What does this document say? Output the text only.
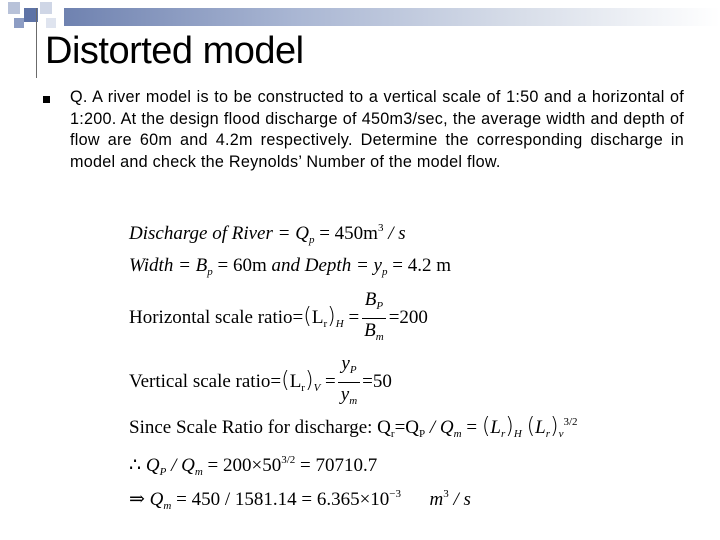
Distorted model
Q. A river model is to be constructed to a vertical scale of 1:50 and a horizontal of 1:200. At the design flood discharge of 450m3/sec, the average width and depth of flow are 60m and 4.2m respectively. Determine the corresponding discharge in model and check the Reynolds’ Number of the model flow.
Discharge of River = $Q_p = 450m^3 / s$
Width = $B_p = 60m$ and Depth = $y_p = 4.2$ m
Horizontal scale $ratio=(L_r)_H = \frac{B_P}{B_m} =200$
Vertical scale $ratio=(L_r)_V = \frac{y_P}{y_m} =50$
Since Scale Ratio for discharge: $Q_r=Q_P / Q_m = (L_r)_H$ $(L_r)_v^{3/2}$
∴ $Q_P / Q_m = 200\times 50^{3/2} = 70710.7$
⇒ $Q_m = 450 / 1581.14 = 6.365\times 10^{-3}$ $m^3$ / s
